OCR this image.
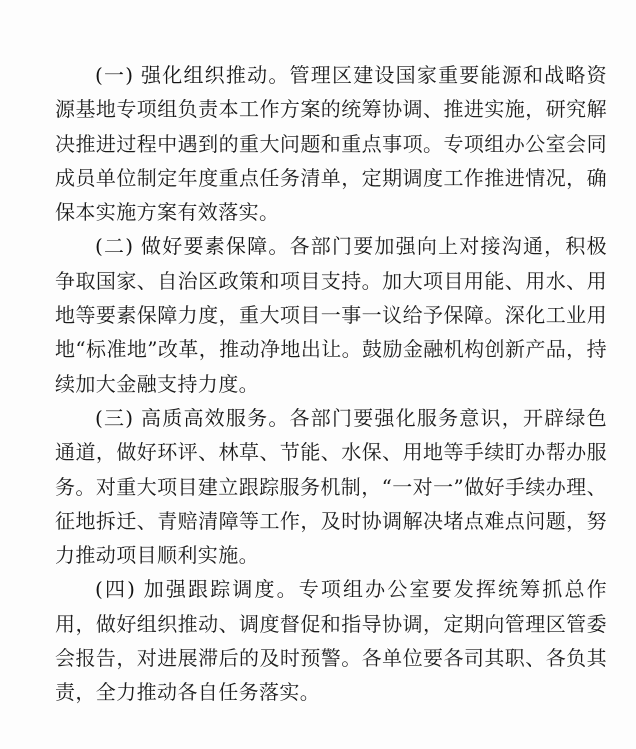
(一) 强化组织推动。管理区建设国家重要能源和战略资源基地专项组负责本工作方案的统筹协调、推进实施，研究解决推进过程中遇到的重大问题和重点事项。专项组办公室会同成员单位制定年度重点任务清单，定期调度工作推进情况，确保本实施方案有效落实。

(二) 做好要素保障。各部门要加强向上对接沟通，积极争取国家、自治区政策和项目支持。加大项目用能、用水、用地等要素保障力度，重大项目一事一议给予保障。深化工业用地“标准地”改革，推动净地出让。鼓励金融机构创新产品，持续加大金融支持力度。

(三) 高质高效服务。各部门要强化服务意识，开辟绿色通道，做好环评、林草、节能、水保、用地等手续盯办帮办服务。对重大项目建立跟踪服务机制，“一对一”做好手续办理、征地拆迁、青赔清障等工作，及时协调解决堵点难点问题，努力推动项目顺利实施。

(四) 加强跟踪调度。专项组办公室要发挥统筹抓总作用，做好组织推动、调度督促和指导协调，定期向管理区管委会报告，对进展滞后的及时预警。各单位要各司其职、各负其责，全力推动各自任务落实。
